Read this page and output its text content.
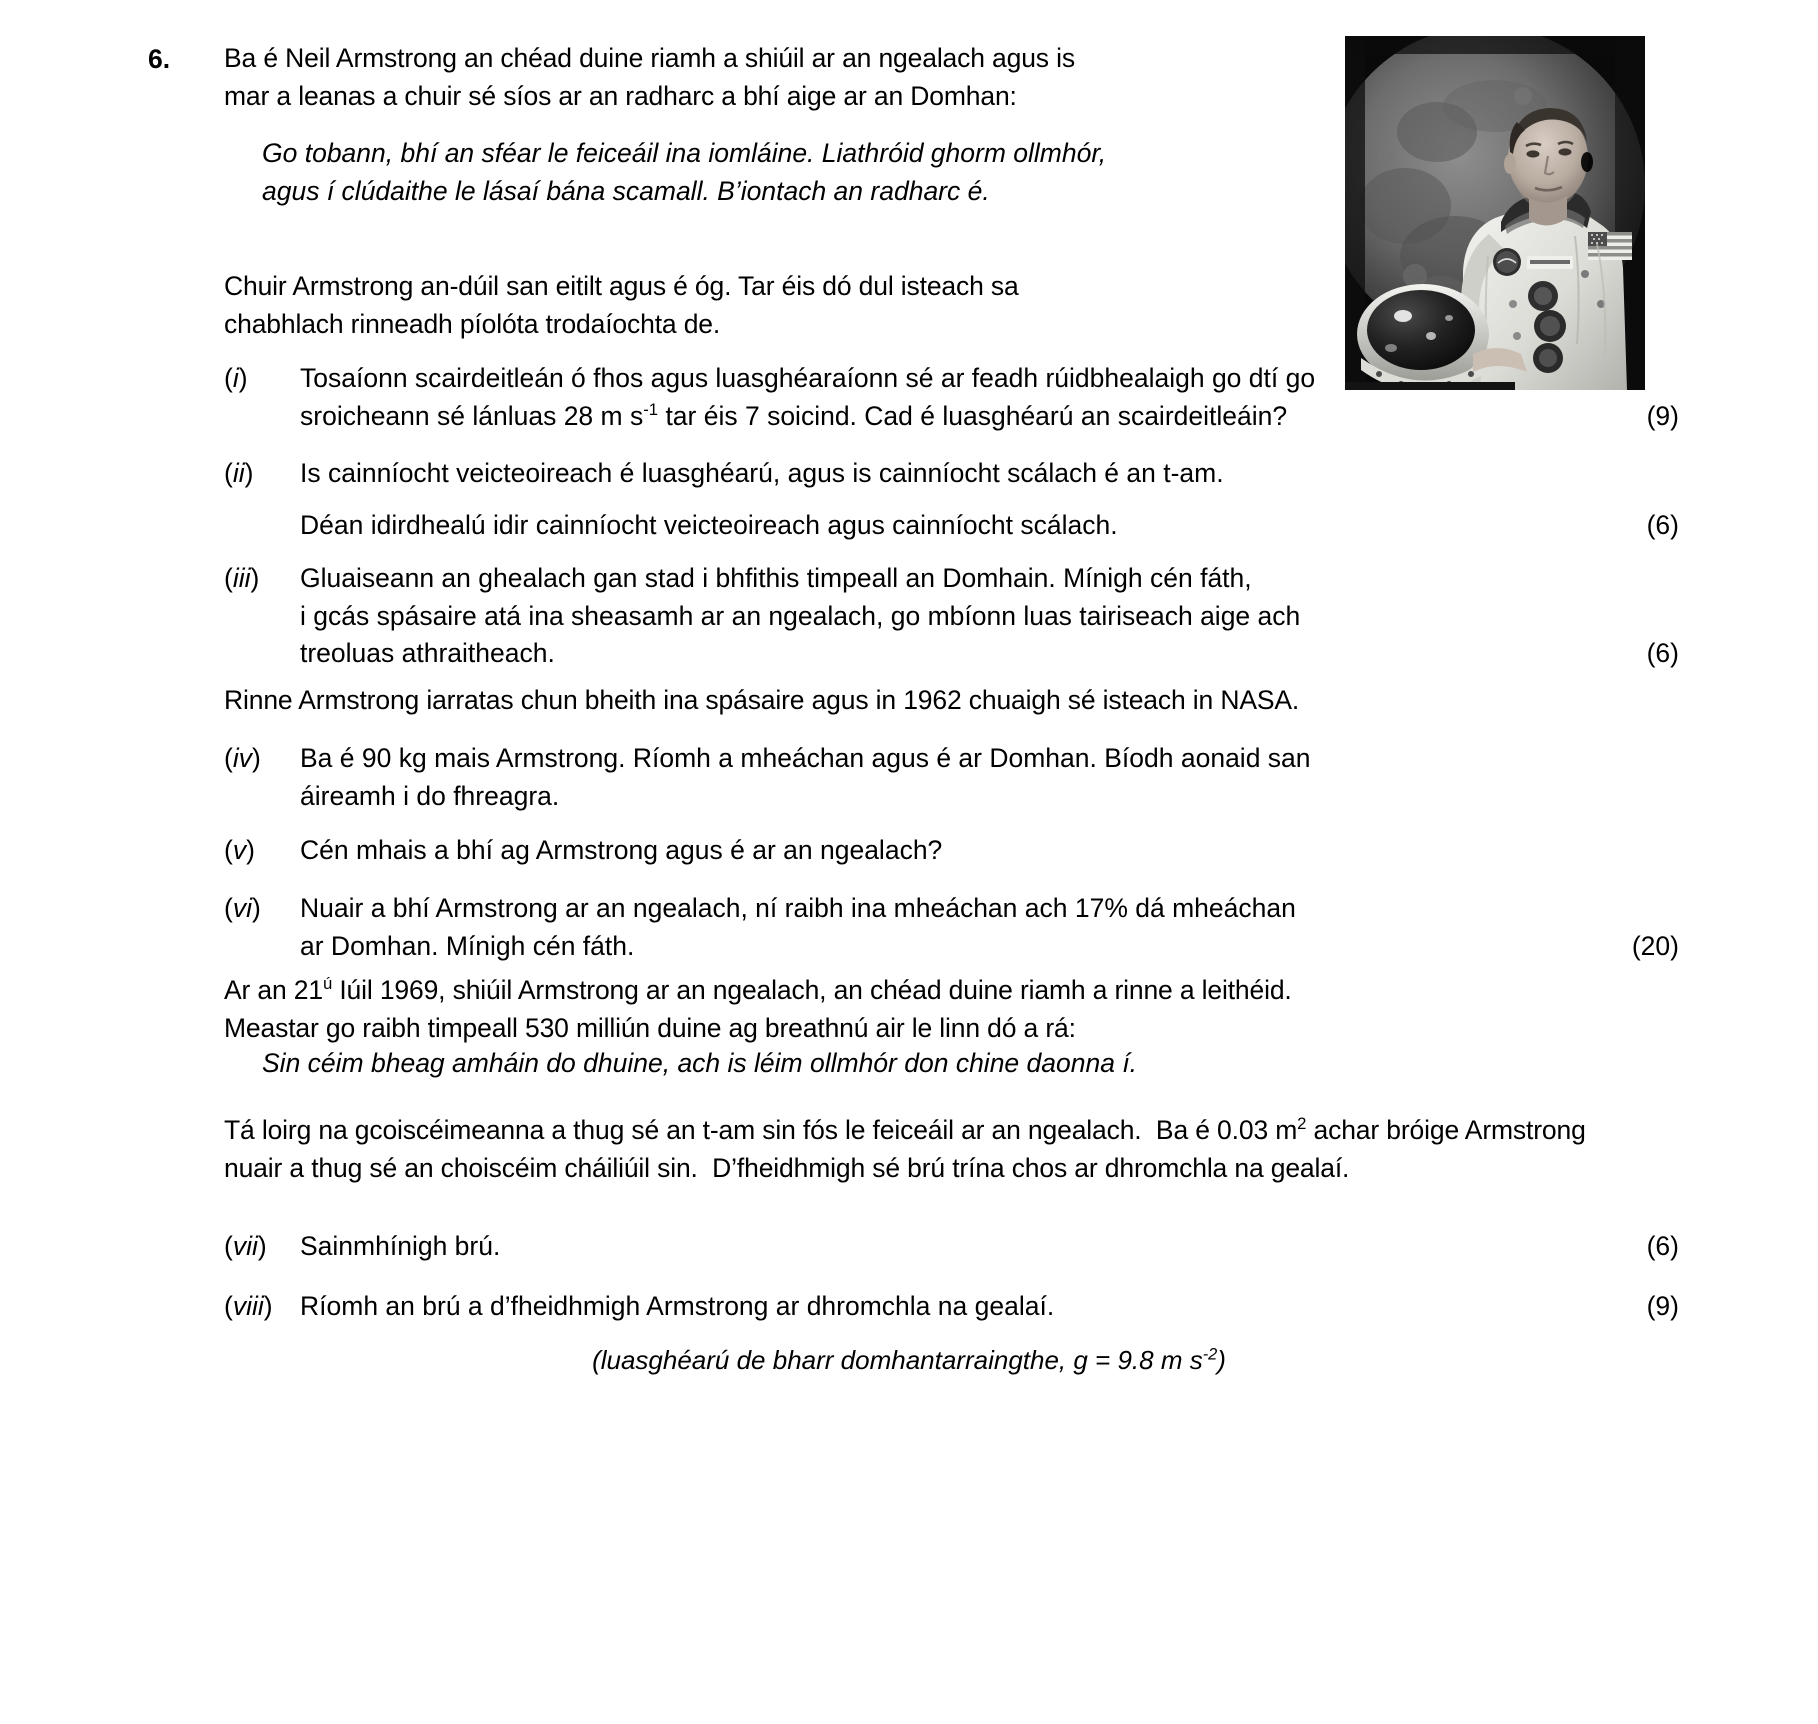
6. Ba é Neil Armstrong an chéad duine riamh a shiúil ar an ngealach agus is mar a leanas a chuir sé síos ar an radharc a bhí aige ar an Domhan:
Go tobann, bhí an sféar le feiceáil ina iomláine. Liathróid ghorm ollmhór, agus í clúdaithe le lásaí bána scamall. B’iontach an radharc é.
Chuir Armstrong an-dúil san eitilt agus é óg. Tar éis dó dul isteach sa chabhlach rinneadh píolóta trodaíochta de.
(i)	Tosaíonn scairdeitleán ó fhos agus luasghéaraíonn sé ar feadh rúidbhealaigh go dtí go
sroicheann sé lánluas 28 m $s^{-1}$ tar éis 7 soicind. Cad é luasghéarú an scairdeitleáin?	(9)
(ii)	Is cainníocht veicteoireach é luasghéarú, agus is cainníocht scálach é an t-am.
Déan idirdhealú idir cainníocht veicteoireach agus cainníocht scálach.	(6)
(iii)	Gluaiseann an ghealach gan stad i bhfithis timpeall an Domhain. Mínigh cén fáth,
i gcás spásaire atá ina sheasamh ar an ngealach, go mbíonn luas tairiseach aige ach
treoluas athraitheach.	(6)
Rinne Armstrong iarratas chun bheith ina spásaire agus in 1962 chuaigh sé isteach in NASA.
(iv)	Ba é 90 kg mais Armstrong. Ríomh a mheáchan agus é ar Domhan. Bíodh aonaid san
áireamh i do fhreagra.
(v)	Cén mhais a bhí ag Armstrong agus é ar an ngealach?
(vi)	Nuair a bhí Armstrong ar an ngealach, ní raibh ina mheáchan ach 17% dá mheáchan
ar Domhan. Mínigh cén fáth.	(20)
Ar an $21^ú$ Iúil 1969, shiúil Armstrong ar an ngealach, an chéad duine riamh a rinne a leithéid.
Meastar go raibh timpeall 530 milliún duine ag breathnú air le linn dó a rá:
Sin céim bheag amháin do dhuine, ach is léim ollmhór don chine daonna í.
Tá loirg na gcoiscéimeanna a thug sé an t-am sin fós le feiceáil ar an ngealach.  Ba é 0.03 $m^2$ achar bróige Armstrong nuair a thug sé an choiscéim cháiliúil sin.  D’fheidhmigh sé brú trína chos ar dhromchla na gealaí.
(vii)	Sainmhínigh brú.	(6)
(viii)	Ríomh an brú a d’fheidhmigh Armstrong ar dhromchla na gealaí.	(9)
(luasghéarú de bharr domhantarraingthe, g = 9.8 m $s^{-2}$)
